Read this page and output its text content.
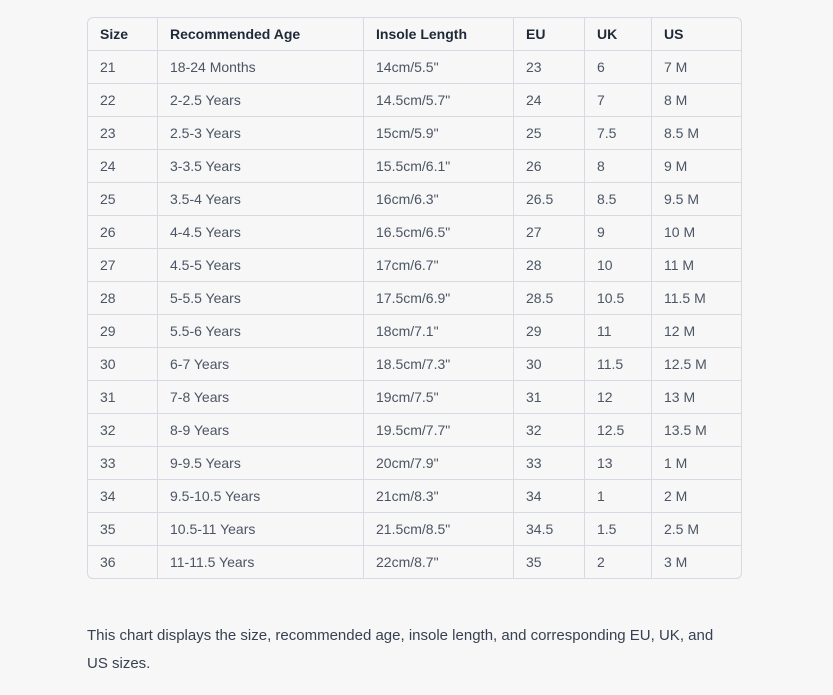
Size	Recommended Age	Insole Length	EU	UK	US
21	18-24 Months	14cm/5.5"	23	6	7 M
22	2-2.5 Years	14.5cm/5.7"	24	7	8 M
23	2.5-3 Years	15cm/5.9"	25	7.5	8.5 M
24	3-3.5 Years	15.5cm/6.1"	26	8	9 M
25	3.5-4 Years	16cm/6.3"	26.5	8.5	9.5 M
26	4-4.5 Years	16.5cm/6.5"	27	9	10 M
27	4.5-5 Years	17cm/6.7"	28	10	11 M
28	5-5.5 Years	17.5cm/6.9"	28.5	10.5	11.5 M
29	5.5-6 Years	18cm/7.1"	29	11	12 M
30	6-7 Years	18.5cm/7.3"	30	11.5	12.5 M
31	7-8 Years	19cm/7.5"	31	12	13 M
32	8-9 Years	19.5cm/7.7"	32	12.5	13.5 M
33	9-9.5 Years	20cm/7.9"	33	13	1 M
34	9.5-10.5 Years	21cm/8.3"	34	1	2 M
35	10.5-11 Years	21.5cm/8.5"	34.5	1.5	2.5 M
36	11-11.5 Years	22cm/8.7"	35	2	3 M

This chart displays the size, recommended age, insole length, and corresponding EU, UK, and US sizes.
